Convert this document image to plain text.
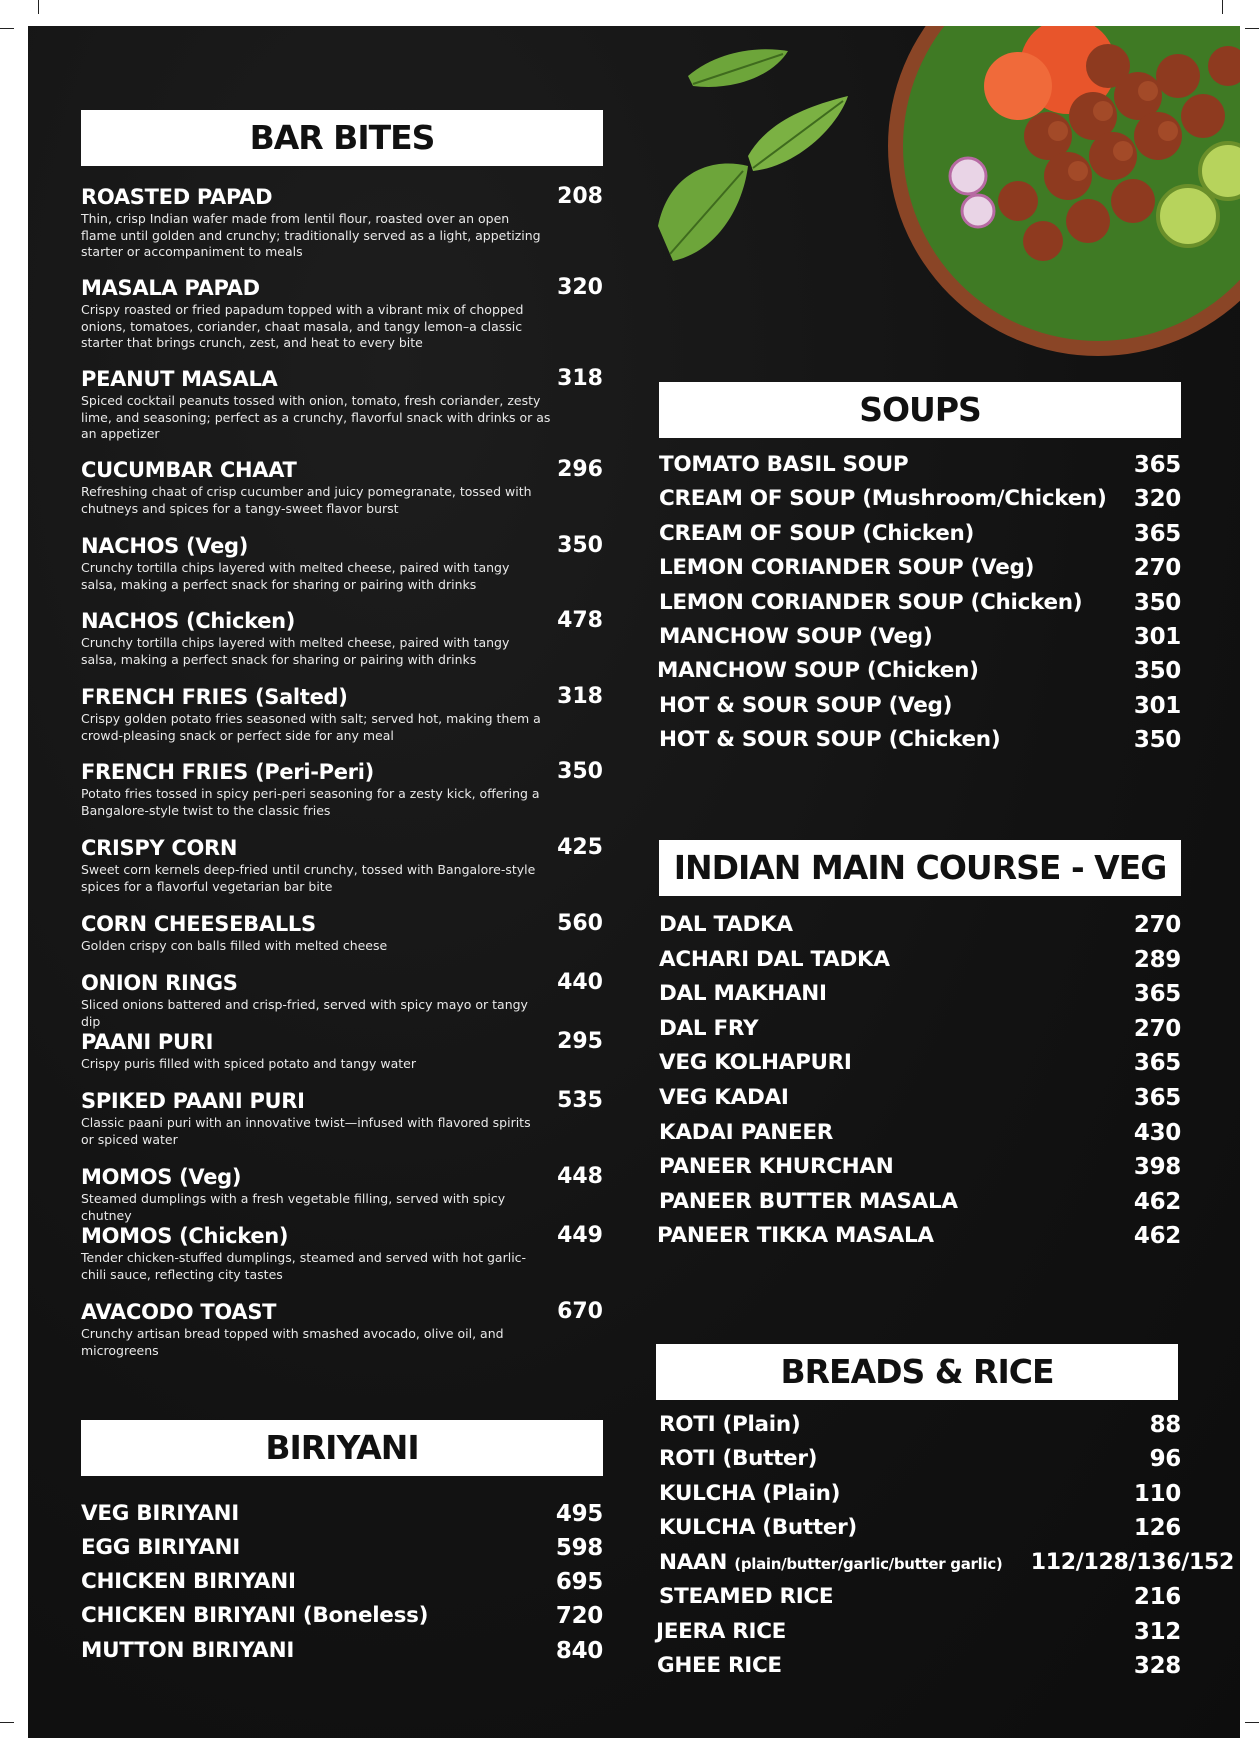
BAR BITES
ROASTED PAPAD	208
Thin, crisp Indian wafer made from lentil flour, roasted over an open flame until golden and crunchy; traditionally served as a light, appetizing starter or accompaniment to meals
MASALA PAPAD	320
Crispy roasted or fried papadum topped with a vibrant mix of chopped onions, tomatoes, coriander, chaat masala, and tangy lemon–a classic starter that brings crunch, zest, and heat to every bite
PEANUT MASALA	318
Spiced cocktail peanuts tossed with onion, tomato, fresh coriander, zesty lime, and seasoning; perfect as a crunchy, flavorful snack with drinks or as an appetizer
CUCUMBAR CHAAT	296
Refreshing chaat of crisp cucumber and juicy pomegranate, tossed with chutneys and spices for a tangy-sweet flavor burst
NACHOS (Veg)	350
Crunchy tortilla chips layered with melted cheese, paired with tangy salsa, making a perfect snack for sharing or pairing with drinks
NACHOS (Chicken)	478
Crunchy tortilla chips layered with melted cheese, paired with tangy salsa, making a perfect snack for sharing or pairing with drinks
FRENCH FRIES (Salted)	318
Crispy golden potato fries seasoned with salt; served hot, making them a crowd-pleasing snack or perfect side for any meal
FRENCH FRIES (Peri-Peri)	350
Potato fries tossed in spicy peri-peri seasoning for a zesty kick, offering a Bangalore-style twist to the classic fries
CRISPY CORN	425
Sweet corn kernels deep-fried until crunchy, tossed with Bangalore-style spices for a flavorful vegetarian bar bite
CORN CHEESEBALLS	560
Golden crispy con balls filled with melted cheese
ONION RINGS	440
Sliced onions battered and crisp-fried, served with spicy mayo or tangy dip
PAANI PURI	295
Crispy puris filled with spiced potato and tangy water
SPIKED PAANI PURI	535
Classic paani puri with an innovative twist—infused with flavored spirits or spiced water
MOMOS (Veg)	448
Steamed dumplings with a fresh vegetable filling, served with spicy chutney
MOMOS (Chicken)	449
Tender chicken-stuffed dumplings, steamed and served with hot garlic-chili sauce, reflecting city tastes
AVACODO TOAST	670
Crunchy artisan bread topped with smashed avocado, olive oil, and microgreens
BIRIYANI
VEG BIRIYANI	495
EGG BIRIYANI	598
CHICKEN BIRIYANI	695
CHICKEN BIRIYANI (Boneless)	720
MUTTON BIRIYANI	840
SOUPS
TOMATO BASIL SOUP	365
CREAM OF SOUP (Mushroom/Chicken) 320
CREAM OF SOUP (Chicken)	365
LEMON CORIANDER SOUP (Veg)	270
LEMON CORIANDER SOUP (Chicken) 350
MANCHOW SOUP (Veg)	301
MANCHOW SOUP (Chicken)	350
HOT & SOUR SOUP (Veg)	301
HOT & SOUR SOUP (Chicken)	350
INDIAN MAIN COURSE - VEG
DAL TADKA	270
ACHARI DAL TADKA	289
DAL MAKHANI	365
DAL FRY	270
VEG KOLHAPURI	365
VEG KADAI	365
KADAI PANEER	430
PANEER KHURCHAN	398
PANEER BUTTER MASALA	462
PANEER TIKKA MASALA	462
BREADS & RICE
ROTI (Plain)	88
ROTI (Butter)	96
KULCHA (Plain)	110
KULCHA (Butter)	126
NAAN (plain/butter/garlic/butter garlic) 112/128/136/152
STEAMED RICE	216
JEERA RICE	312
GHEE RICE	328
